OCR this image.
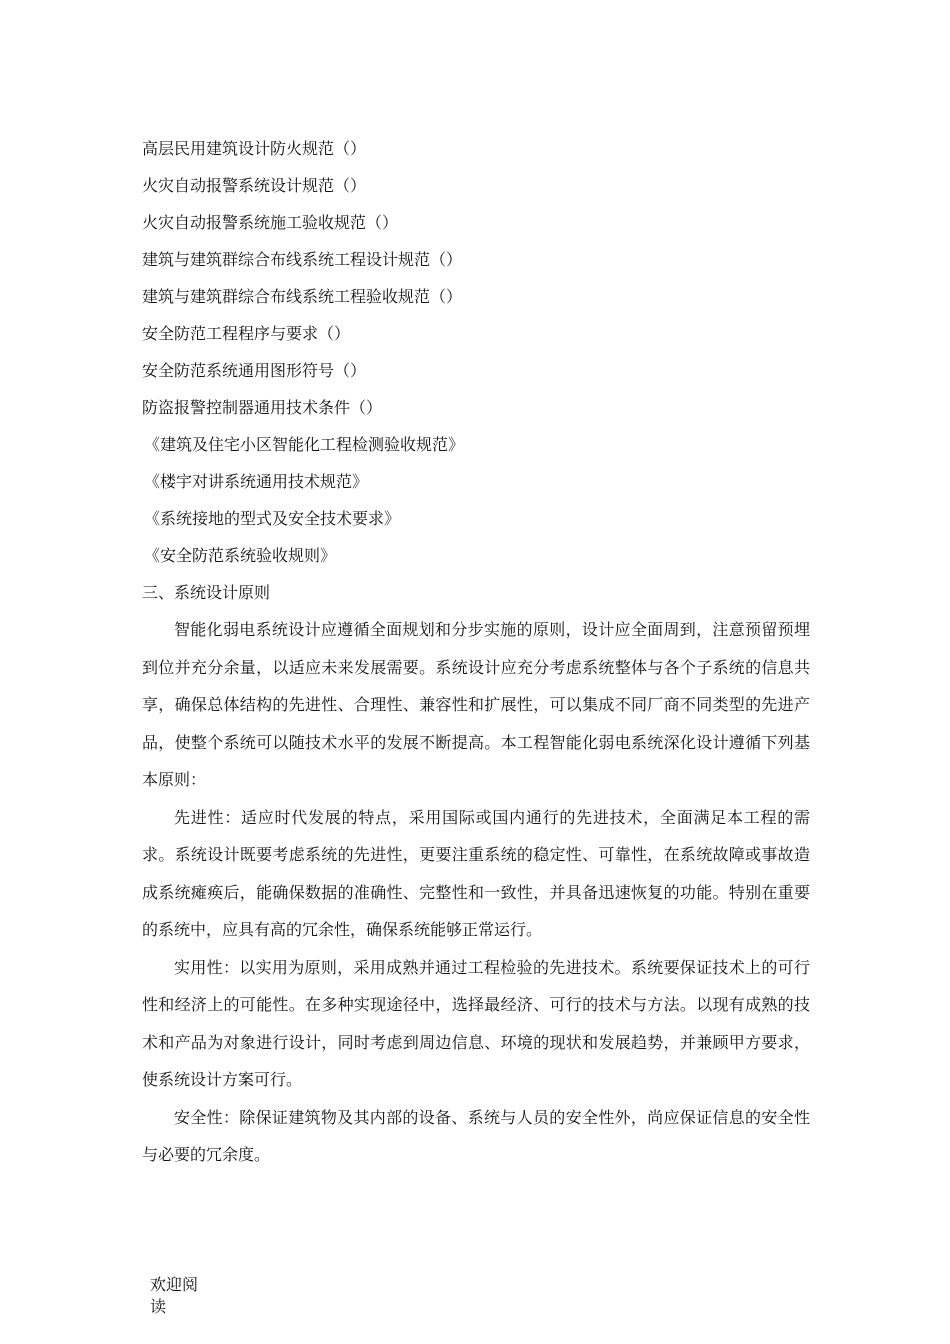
高层民用建筑设计防火规范（）
火灾自动报警系统设计规范（）
火灾自动报警系统施工验收规范（）
建筑与建筑群综合布线系统工程设计规范（）
建筑与建筑群综合布线系统工程验收规范（）
安全防范工程程序与要求（）
安全防范系统通用图形符号（）
防盗报警控制器通用技术条件（）
《建筑及住宅小区智能化工程检测验收规范》
《楼宇对讲系统通用技术规范》
《系统接地的型式及安全技术要求》
《安全防范系统验收规则》
三、系统设计原则

智能化弱电系统设计应遵循全面规划和分步实施的原则，设计应全面周到，注意预留预埋到位并充分余量，以适应未来发展需要。系统设计应充分考虑系统整体与各个子系统的信息共享，确保总体结构的先进性、合理性、兼容性和扩展性，可以集成不同厂商不同类型的先进产品，使整个系统可以随技术水平的发展不断提高。本工程智能化弱电系统深化设计遵循下列基本原则：

先进性：适应时代发展的特点，采用国际或国内通行的先进技术，全面满足本工程的需求。系统设计既要考虑系统的先进性，更要注重系统的稳定性、可靠性，在系统故障或事故造成系统瘫痪后，能确保数据的准确性、完整性和一致性，并具备迅速恢复的功能。特别在重要的系统中，应具有高的冗余性，确保系统能够正常运行。

实用性：以实用为原则，采用成熟并通过工程检验的先进技术。系统要保证技术上的可行性和经济上的可能性。在多种实现途径中，选择最经济、可行的技术与方法。以现有成熟的技术和产品为对象进行设计，同时考虑到周边信息、环境的现状和发展趋势，并兼顾甲方要求，使系统设计方案可行。

安全性：除保证建筑物及其内部的设备、系统与人员的安全性外，尚应保证信息的安全性与必要的冗余度。

欢迎阅读
